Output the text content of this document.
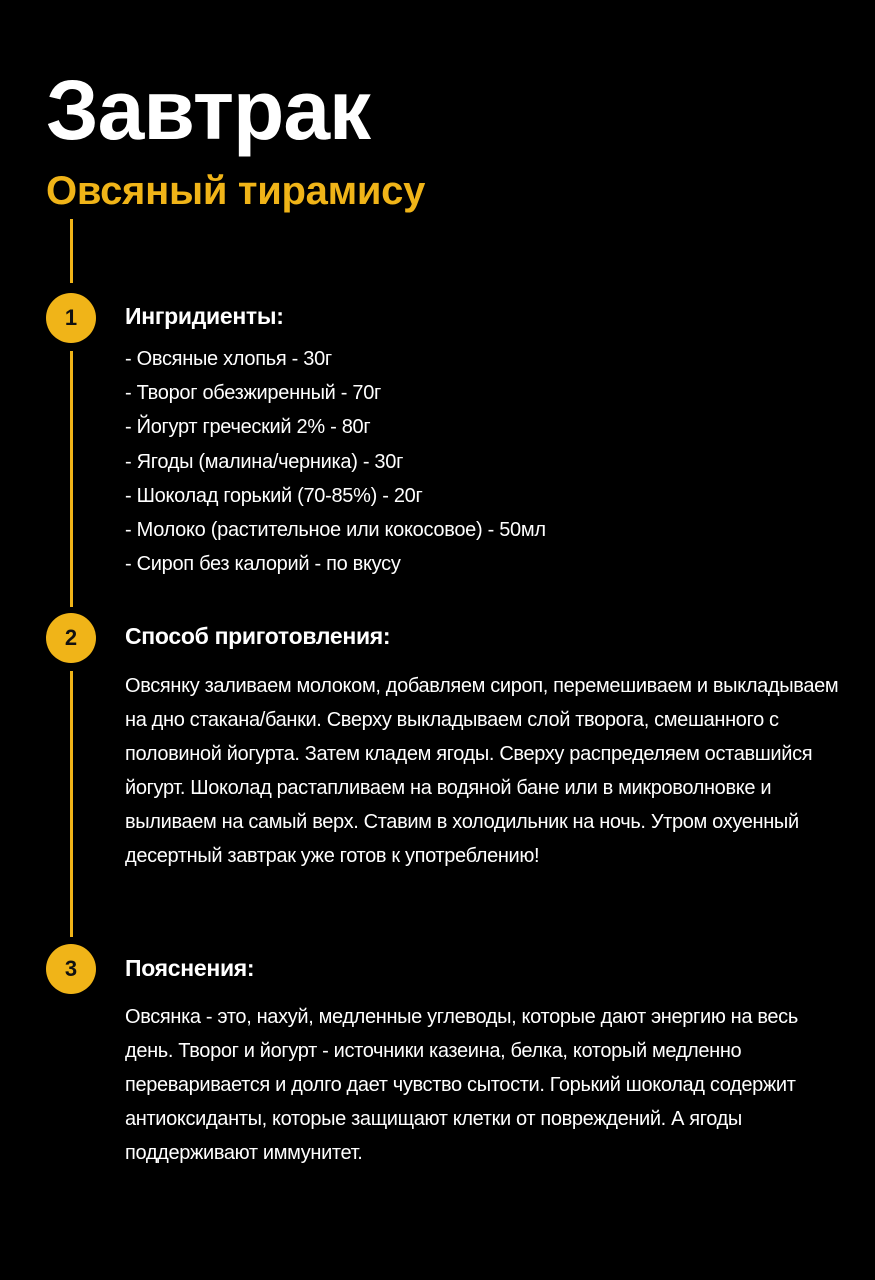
Завтрак
Овсяный тирамису
1 Ингридиенты:
- Овсяные хлопья - 30г
- Творог обезжиренный - 70г
- Йогурт греческий 2% - 80г
- Ягоды (малина/черника) - 30г
- Шоколад горький (70-85%) - 20г
- Молоко (растительное или кокосовое) - 50мл
- Сироп без калорий - по вкусу
2 Способ приготовления:

Овсянку заливаем молоком, добавляем сироп, перемешиваем и выкладываем на дно стакана/банки. Сверху выкладываем слой творога, смешанного с половиной йогурта. Затем кладем ягоды. Сверху распределяем оставшийся йогурт. Шоколад растапливаем на водяной бане или в микроволновке и выливаем на самый верх. Ставим в холодильник на ночь. Утром охуенный десертный завтрак уже готов к употреблению!

3 Пояснения:

Овсянка - это, нахуй, медленные углеводы, которые дают энергию на весь день. Творог и йогурт - источники казеина, белка, который медленно переваривается и долго дает чувство сытости. Горький шоколад содержит антиоксиданты, которые защищают клетки от повреждений. А ягоды поддерживают иммунитет.
